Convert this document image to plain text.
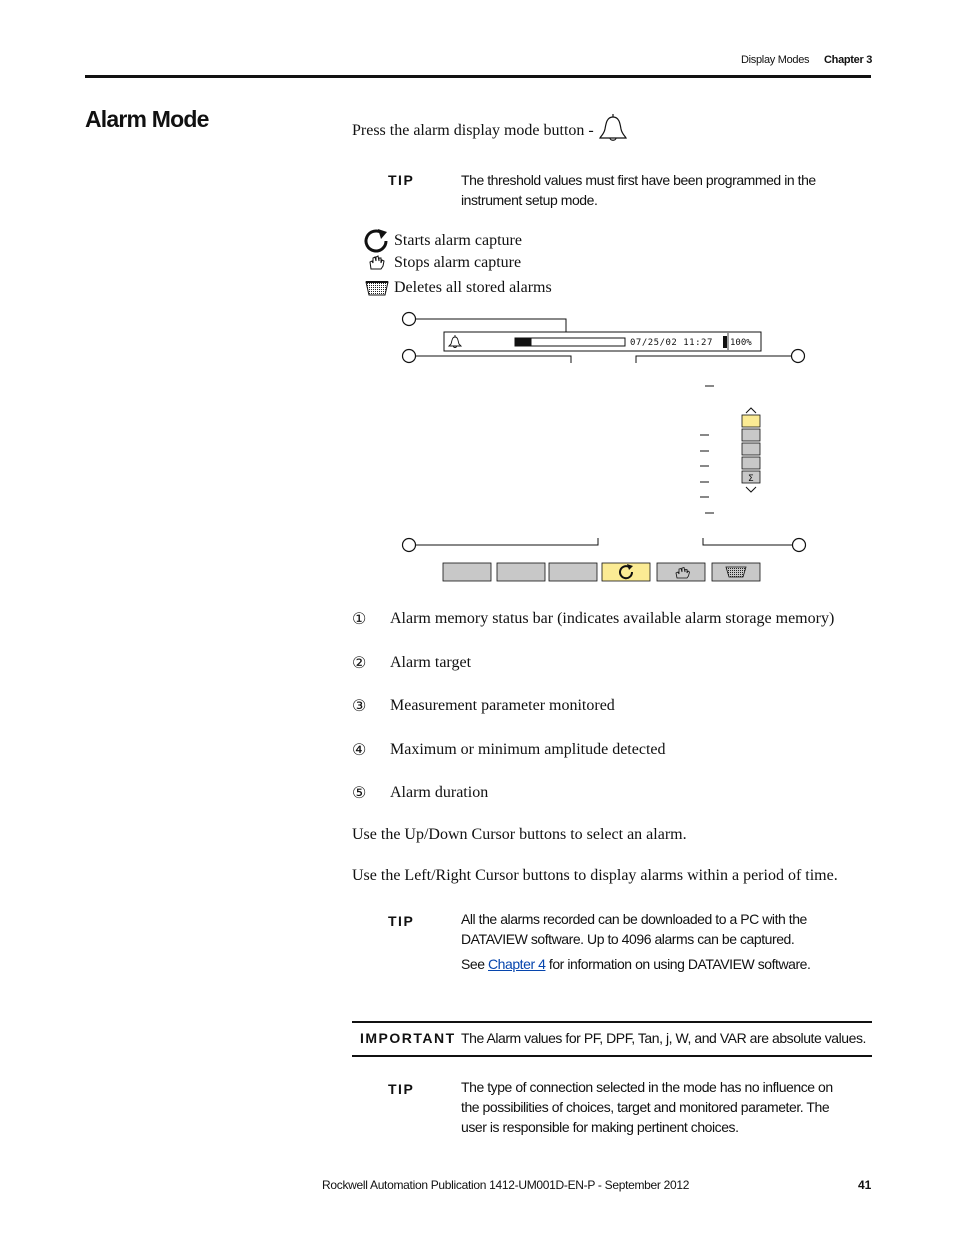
Display Modes Chapter 3
Alarm Mode	Press the alarm display mode button -
TIP	The threshold values must first have been programmed in the instrument setup mode.
Starts alarm capture
Stops alarm capture
Deletes all stored alarms
07/25/02 11:27 100%
Σ
① Alarm memory status bar (indicates available alarm storage memory)
② Alarm target
③ Measurement parameter monitored
④ Maximum or minimum amplitude detected
⑤ Alarm duration
Use the Up/Down Cursor buttons to select an alarm.
Use the Left/Right Cursor buttons to display alarms within a period of time.
TIP	All the alarms recorded can be downloaded to a PC with the DATAVIEW software. Up to 4096 alarms can be captured.
See Chapter 4 for information on using DATAVIEW software.
IMPORTANT The Alarm values for PF, DPF, Tan, j, W, and VAR are absolute values.
TIP	The type of connection selected in the mode has no influence on the possibilities of choices, target and monitored parameter. The user is responsible for making pertinent choices.
Rockwell Automation Publication 1412-UM001D-EN-P - September 2012	41
